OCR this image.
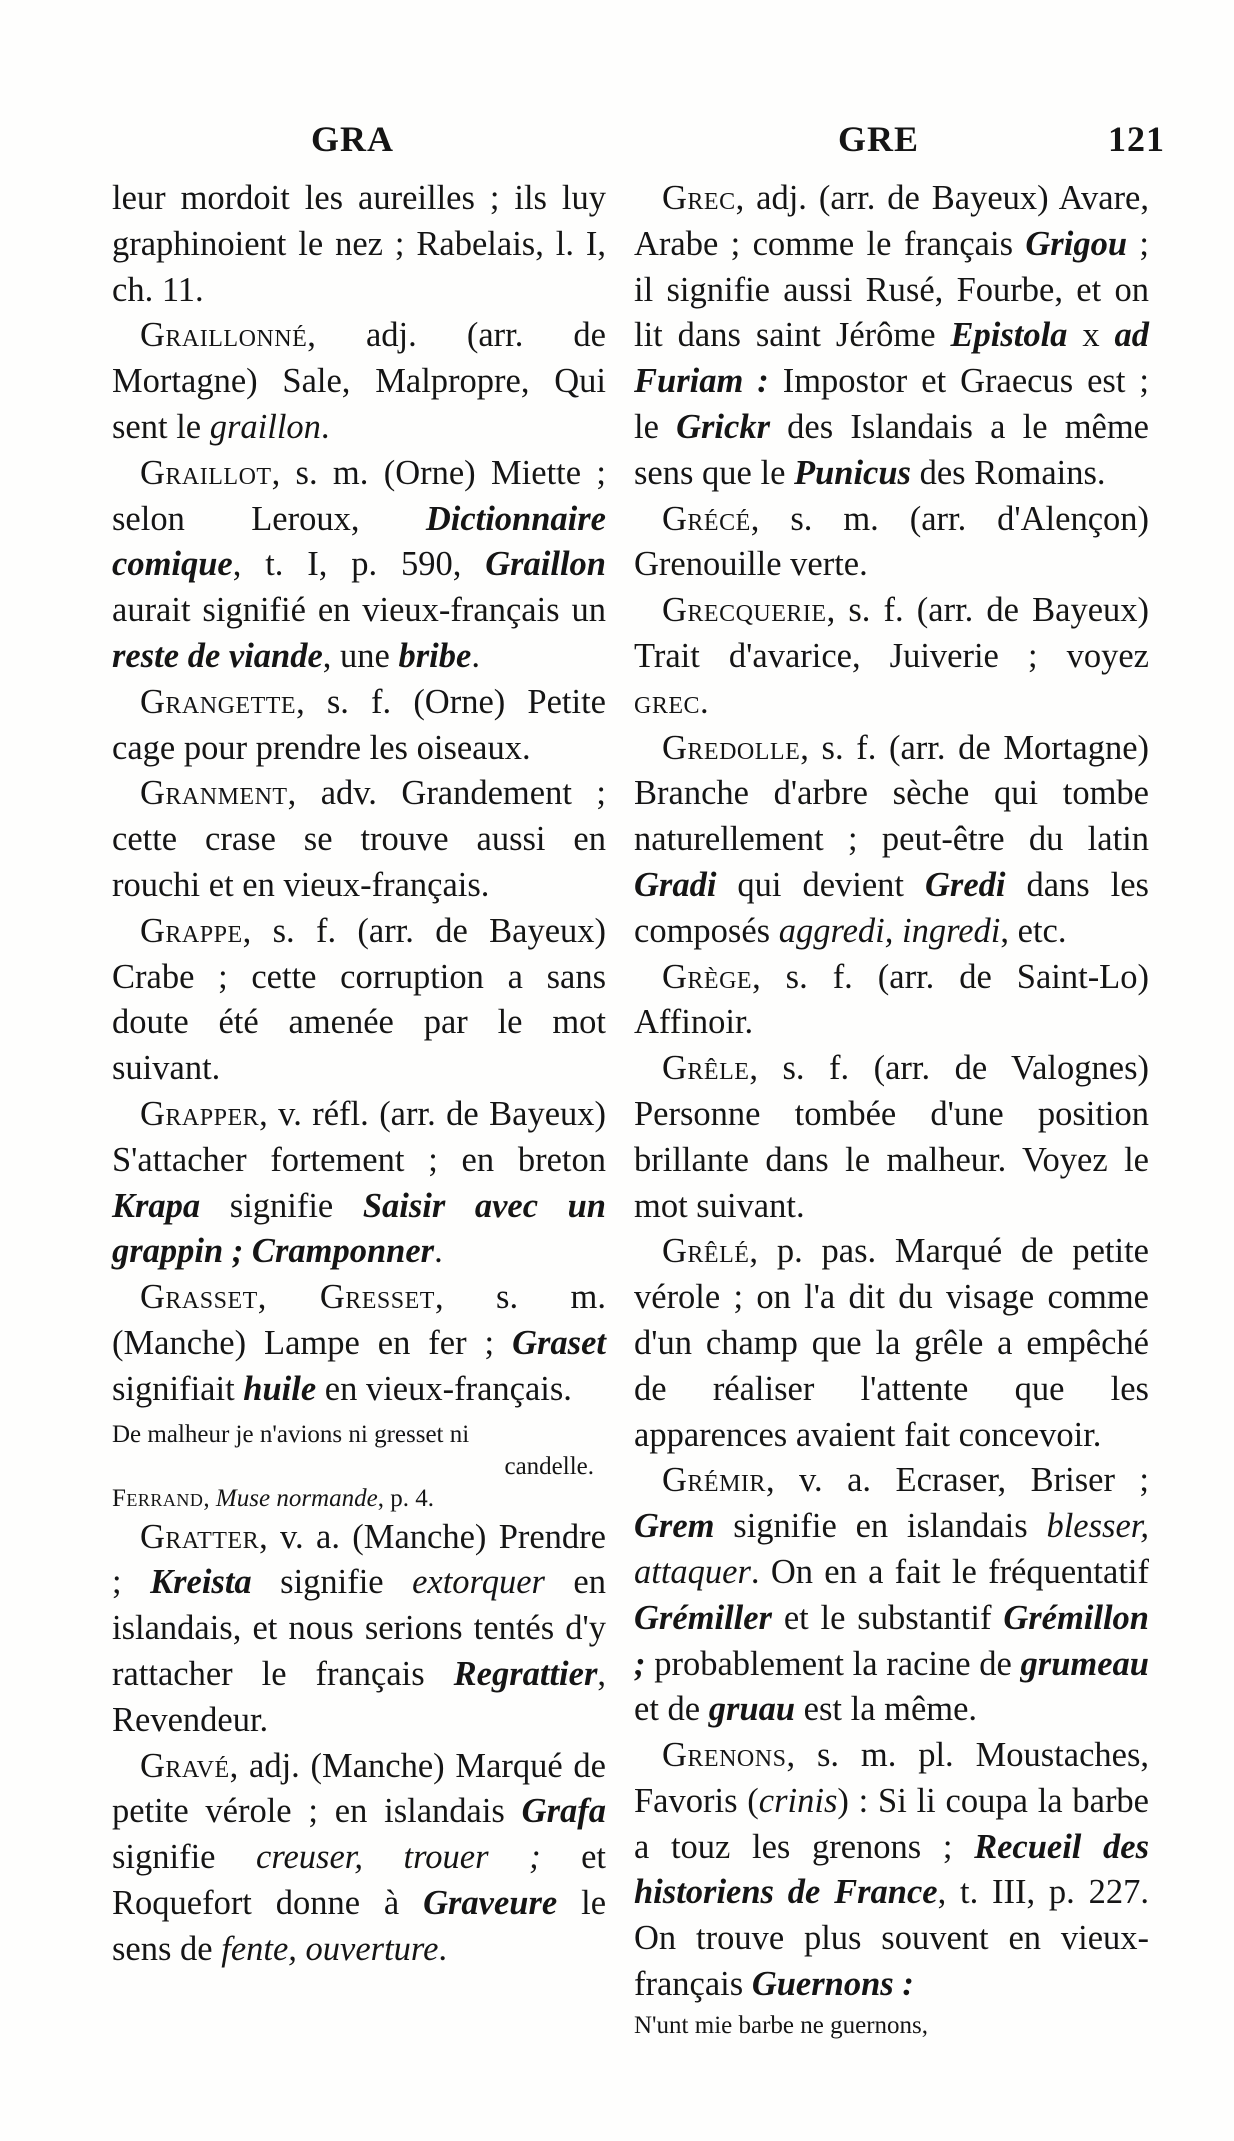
GRA	GRE	121

leur mordoit les aureilles ; ils luy graphinoient le nez ; Rabelais, l. I, ch. 11.

Graillonné, adj. (arr. de Mortagne) Sale, Malpropre, Qui sent le graillon.

Graillot, s. m. (Orne) Miette ; selon Leroux, Dictionnaire comique, t. I, p. 590, Graillon aurait signifié en vieux-français un reste de viande, une bribe.

Grangette, s. f. (Orne) Petite cage pour prendre les oiseaux.

Granment, adv. Grandement ; cette crase se trouve aussi en rouchi et en vieux-français.

Grappe, s. f. (arr. de Bayeux) Crabe ; cette corruption a sans doute été amenée par le mot suivant.

Grapper, v. réfl. (arr. de Bayeux) S'attacher fortement ; en breton Krapa signifie Saisir avec un grappin ; Cramponner.

Grasset, Gresset, s. m. (Manche) Lampe en fer ; Graset signifiait huile en vieux-français.

De malheur je n'avions ni gresset ni
candelle.
Ferrand, Muse normande, p. 4.

Gratter, v. a. (Manche) Prendre ; Kreista signifie extorquer en islandais, et nous serions tentés d'y rattacher le français Regrattier, Revendeur.

Gravé, adj. (Manche) Marqué de petite vérole ; en islandais Grafa signifie creuser, trouer ; et Roquefort donne à Graveure le sens de fente, ouverture.

Grec, adj. (arr. de Bayeux) Avare, Arabe ; comme le français Grigou ; il signifie aussi Rusé, Fourbe, et on lit dans saint Jérôme Epistola x ad Furiam : Impostor et Graecus est ; le Grickr des Islandais a le même sens que le Punicus des Romains.

Grécé, s. m. (arr. d'Alençon) Grenouille verte.

Grecquerie, s. f. (arr. de Bayeux) Trait d'avarice, Juiverie ; voyez grec.

Gredolle, s. f. (arr. de Mortagne) Branche d'arbre sèche qui tombe naturellement ; peut-être du latin Gradi qui devient Gredi dans les composés aggredi, ingredi, etc.

Grège, s. f. (arr. de Saint-Lo) Affinoir.

Grêle, s. f. (arr. de Valognes) Personne tombée d'une position brillante dans le malheur. Voyez le mot suivant.

Grêlé, p. pas. Marqué de petite vérole ; on l'a dit du visage comme d'un champ que la grêle a empêché de réaliser l'attente que les apparences avaient fait concevoir.

Grémir, v. a. Ecraser, Briser ; Grem signifie en islandais blesser, attaquer. On en a fait le fréquentatif Grémiller et le substantif Grémillon ; probablement la racine de grumeau et de gruau est la même.

Grenons, s. m. pl. Moustaches, Favoris (crinis) : Si li coupa la barbe a touz les grenons ; Recueil des historiens de France, t. III, p. 227. On trouve plus souvent en vieux-français Guernons :

N'unt mie barbe ne guernons,
